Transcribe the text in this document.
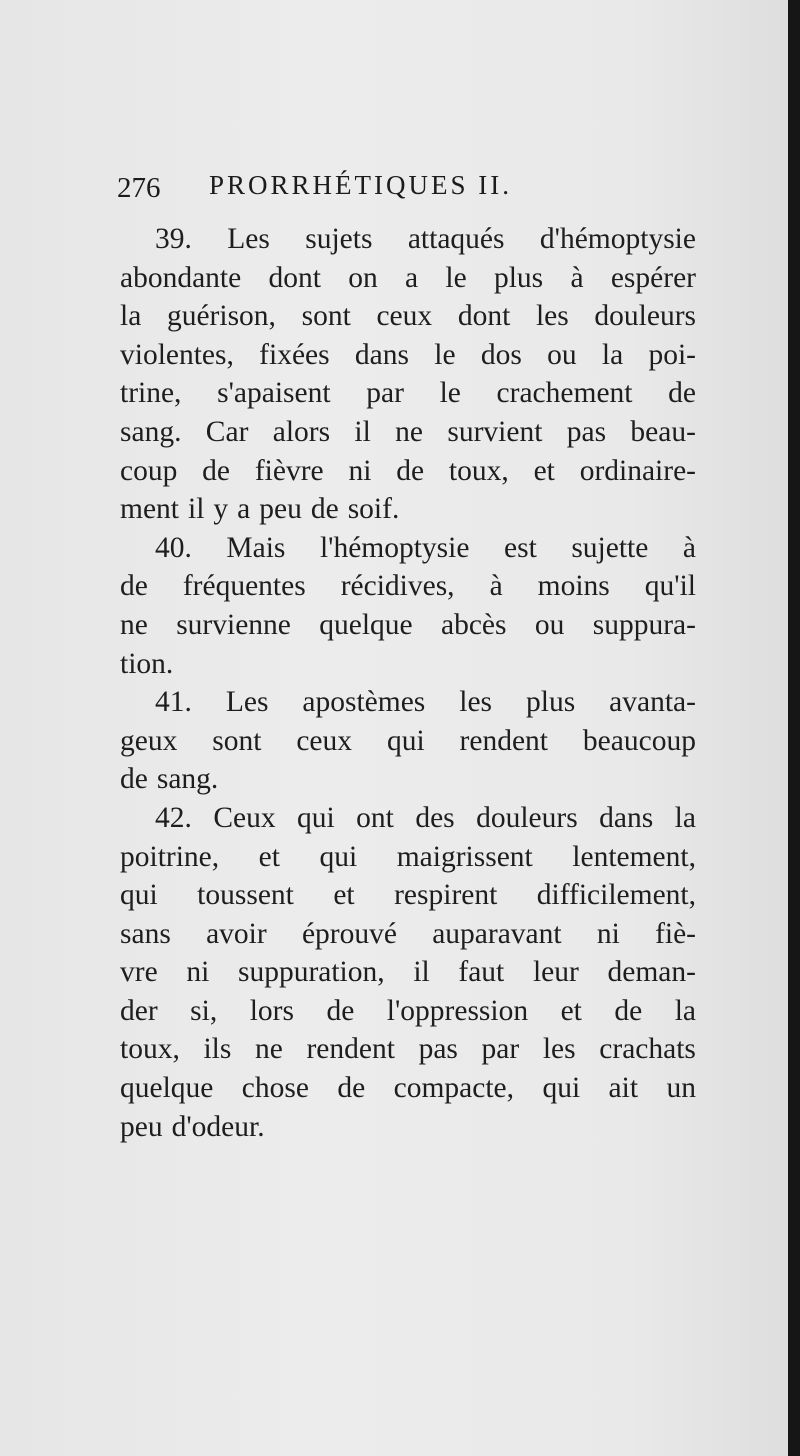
276 PRORRHÉTIQUES II.
39. Les sujets attaqués d'hémoptysie
abondante dont on a le plus à espérer
la guérison, sont ceux dont les douleurs
violentes, fixées dans le dos ou la poi-
trine, s'apaisent par le crachement de
sang. Car alors il ne survient pas beau-
coup de fièvre ni de toux, et ordinaire-
ment il y a peu de soif.
40. Mais l'hémoptysie est sujette à
de fréquentes récidives, à moins qu'il
ne survienne quelque abcès ou suppura-
tion.
41. Les apostèmes les plus avanta-
geux sont ceux qui rendent beaucoup
de sang.
42. Ceux qui ont des douleurs dans la
poitrine, et qui maigrissent lentement,
qui toussent et respirent difficilement,
sans avoir éprouvé auparavant ni fiè-
vre ni suppuration, il faut leur deman-
der si, lors de l'oppression et de la
toux, ils ne rendent pas par les crachats
quelque chose de compacte, qui ait un
peu d'odeur.
